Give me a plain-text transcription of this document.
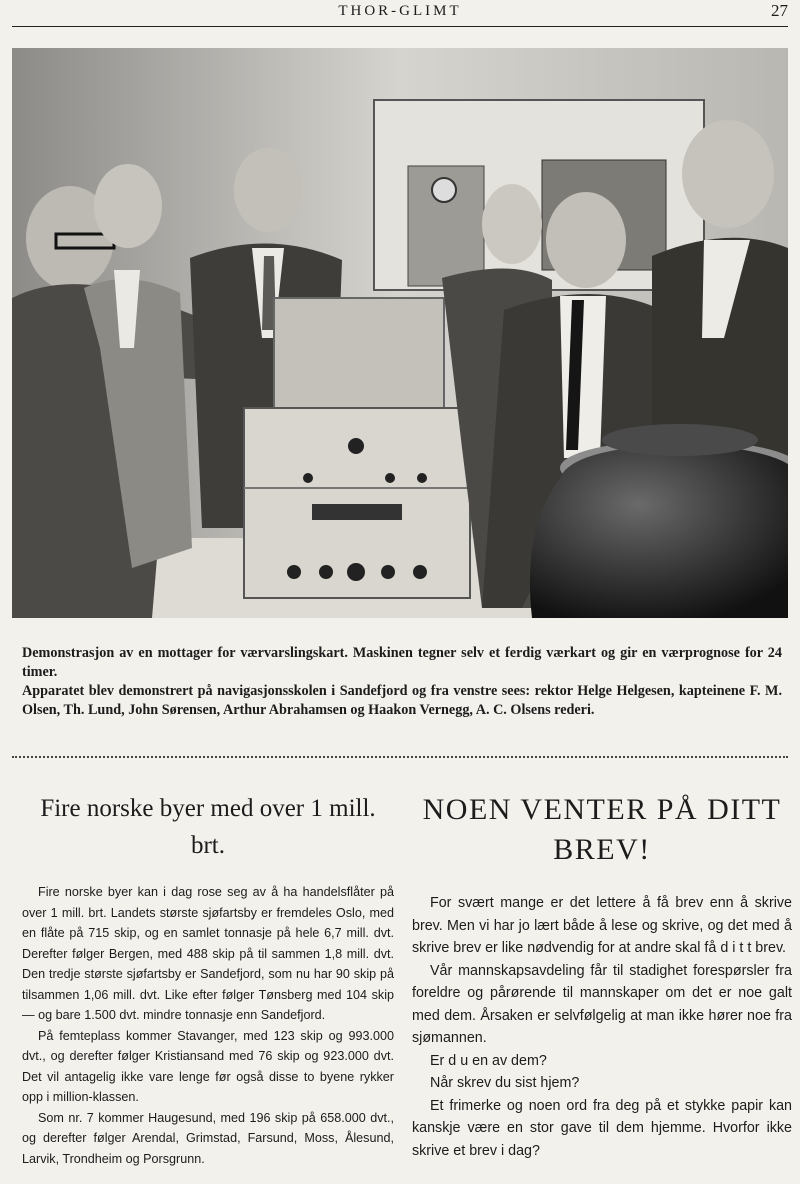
THOR-GLIMT	27

Demonstrasjon av en mottager for værvarslingskart. Maskinen tegner selv et ferdig værkart og gir en værprognose for 24 timer.

Apparatet blev demonstrert på navigasjonsskolen i Sandefjord og fra venstre sees: rektor Helge Helgesen, kapteinene F. M. Olsen, Th. Lund, John Sørensen, Arthur Abrahamsen og Haakon Vernegg, A. C. Olsens rederi.

Fire norske byer med over 1 mill. brt.

Fire norske byer kan i dag rose seg av å ha handelsflåter på over 1 mill. brt. Landets største sjøfartsby er fremdeles Oslo, med en flåte på 715 skip, og en samlet tonnasje på hele 6,7 mill. dvt. Derefter følger Bergen, med 488 skip på til sammen 1,8 mill. dvt. Den tredje største sjøfartsby er Sandefjord, som nu har 90 skip på tilsammen 1,06 mill. dvt. Like efter følger Tønsberg med 104 skip — og bare 1.500 dvt. mindre tonnasje enn Sandefjord.

På femteplass kommer Stavanger, med 123 skip og 993.000 dvt., og derefter følger Kristiansand med 76 skip og 923.000 dvt. Det vil antagelig ikke vare lenge før også disse to byene rykker opp i million-klassen.

Som nr. 7 kommer Haugesund, med 196 skip på 658.000 dvt., og derefter følger Arendal, Grimstad, Farsund, Moss, Ålesund, Larvik, Trondheim og Porsgrunn.

NOEN VENTER PÅ DITT BREV!

For svært mange er det lettere å få brev enn å skrive brev. Men vi har jo lært både å lese og skrive, og det med å skrive brev er like nødvendig for at andre skal få d i t t brev.

Vår mannskapsavdeling får til stadighet forespørsler fra foreldre og pårørende til mannskaper om det er noe galt med dem. Årsaken er selvfølgelig at man ikke hører noe fra sjømannen.

Er d u en av dem?

Når skrev du sist hjem?

Et frimerke og noen ord fra deg på et stykke papir kan kanskje være en stor gave til dem hjemme. Hvorfor ikke skrive et brev i dag?
